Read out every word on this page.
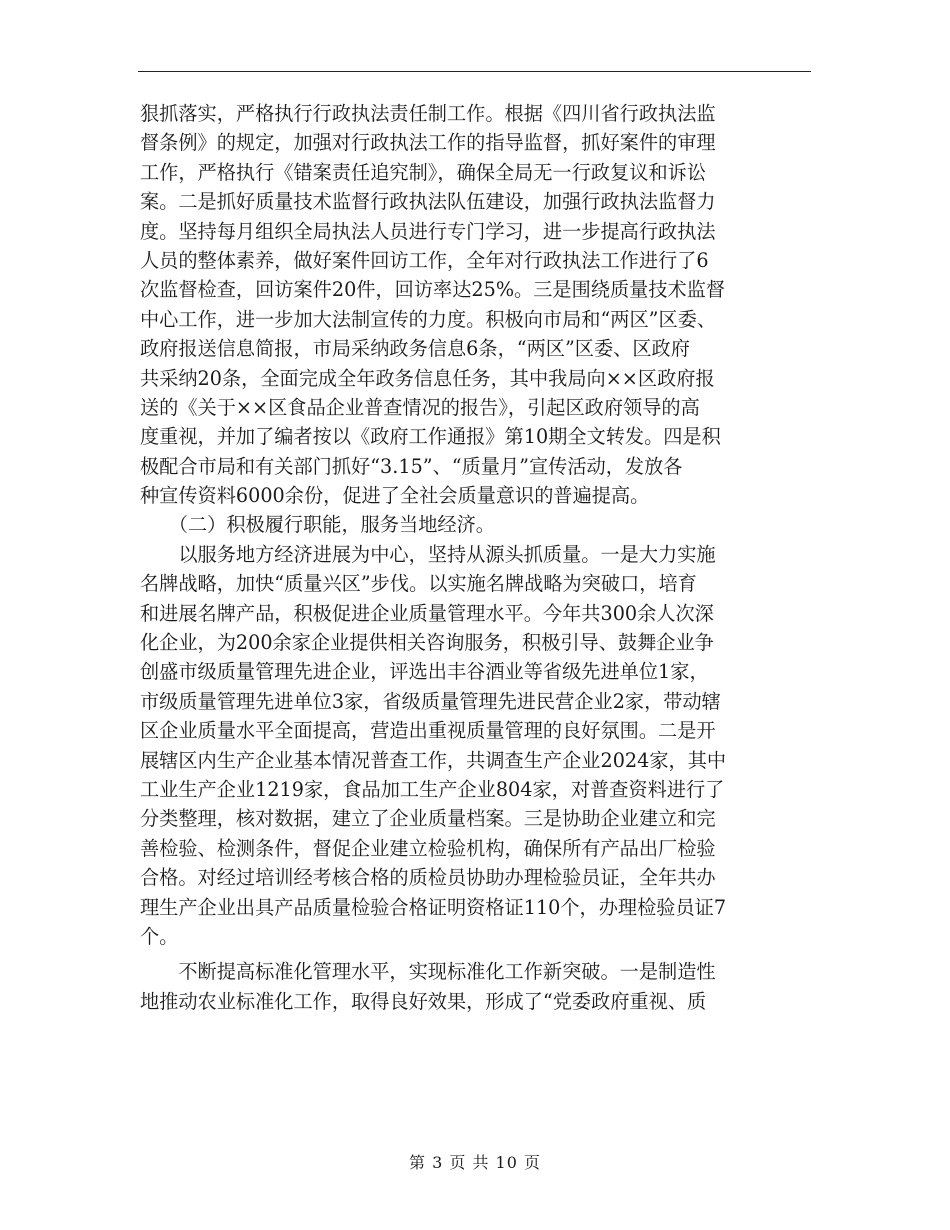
狠抓落实，严格执行行政执法责任制工作。根据《四川省行政执法监
督条例》的规定，加强对行政执法工作的指导监督，抓好案件的审理
工作，严格执行《错案责任追究制》，确保全局无一行政复议和诉讼
案。二是抓好质量技术监督行政执法队伍建设，加强行政执法监督力
度。坚持每月组织全局执法人员进行专门学习，进一步提高行政执法
人员的整体素养，做好案件回访工作，全年对行政执法工作进行了6
次监督检查，回访案件20件，回访率达25%。三是围绕质量技术监督
中心工作，进一步加大法制宣传的力度。积极向市局和“两区”区委、
政府报送信息简报，市局采纳政务信息6条，“两区”区委、区政府
共采纳20条，全面完成全年政务信息任务，其中我局向××区政府报
送的《关于××区食品企业普查情况的报告》，引起区政府领导的高
度重视，并加了编者按以《政府工作通报》第10期全文转发。四是积
极配合市局和有关部门抓好“3.15”、“质量月”宣传活动，发放各
种宣传资料6000余份，促进了全社会质量意识的普遍提高。
　　（二）积极履行职能，服务当地经济。
　　以服务地方经济进展为中心，坚持从源头抓质量。一是大力实施
名牌战略，加快“质量兴区”步伐。以实施名牌战略为突破口，培育
和进展名牌产品，积极促进企业质量管理水平。今年共300余人次深
化企业，为200余家企业提供相关咨询服务，积极引导、鼓舞企业争
创盛市级质量管理先进企业，评选出丰谷酒业等省级先进单位1家，
市级质量管理先进单位3家，省级质量管理先进民营企业2家，带动辖
区企业质量水平全面提高，营造出重视质量管理的良好氛围。二是开
展辖区内生产企业基本情况普查工作，共调查生产企业2024家，其中
工业生产企业1219家，食品加工生产企业804家，对普查资料进行了
分类整理，核对数据，建立了企业质量档案。三是协助企业建立和完
善检验、检测条件，督促企业建立检验机构，确保所有产品出厂检验
合格。对经过培训经考核合格的质检员协助办理检验员证，全年共办
理生产企业出具产品质量检验合格证明资格证110个，办理检验员证7
个。
　　不断提高标准化管理水平，实现标准化工作新突破。一是制造性
地推动农业标准化工作，取得良好效果，形成了“党委政府重视、质
第 3 页 共 10 页
